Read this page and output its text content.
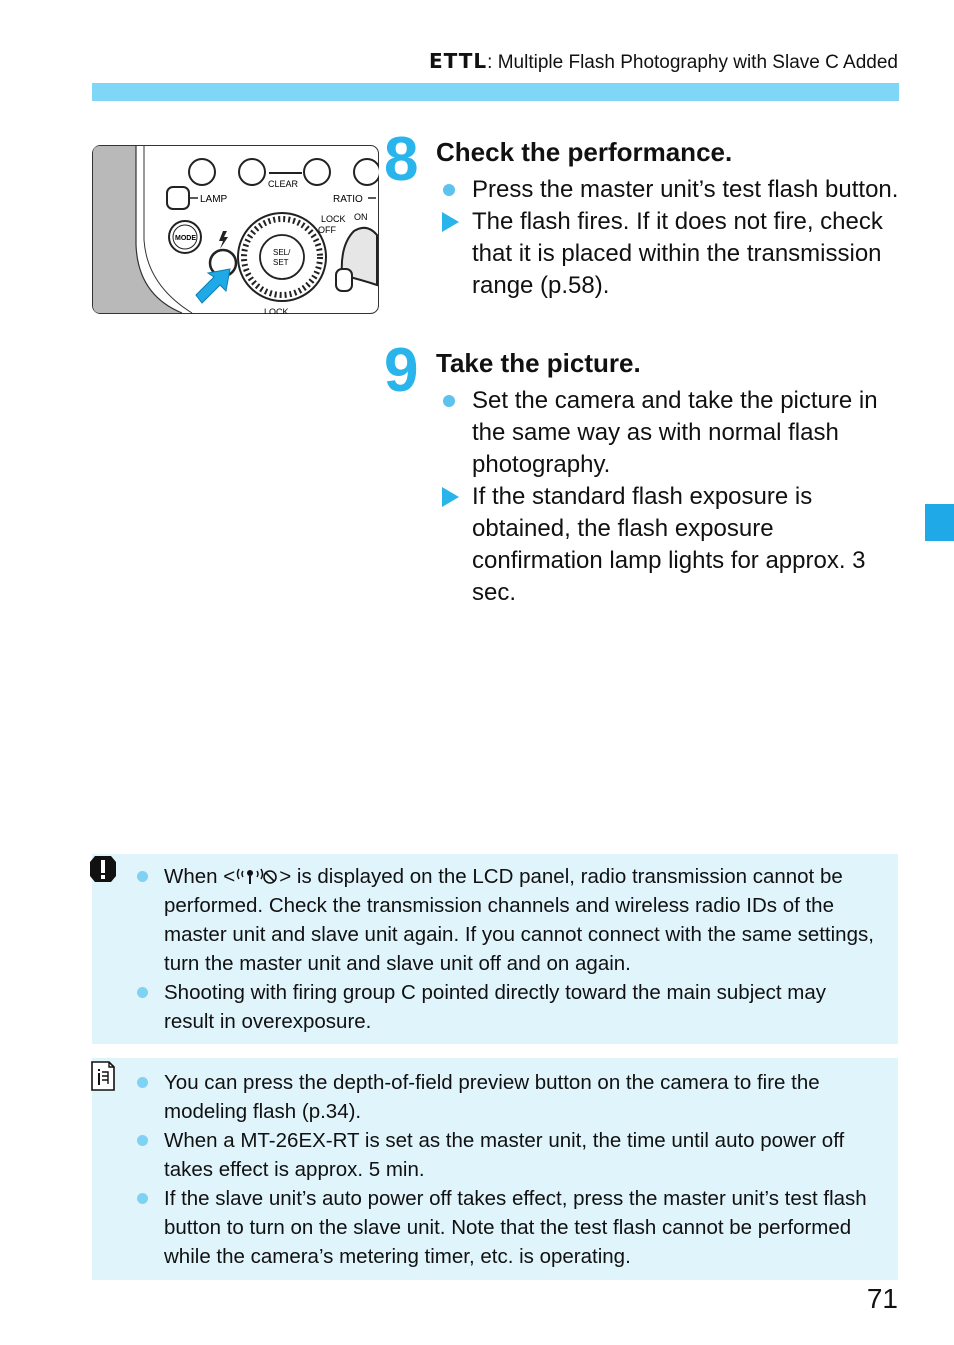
ETTL: Multiple Flash Photography with Slave C Added
CLEAR
LAMP	RATIO
MODE
SEL/
SET
LOCK ON
OFF
LOCK
8 Check the performance.
Press the master unit’s test flash button.
The flash fires. If it does not fire, check that it is placed within the transmission range (p.58).
9 Take the picture.
Set the camera and take the picture in the same way as with normal flash photography.
If the standard flash exposure is obtained, the flash exposure confirmation lamp lights for approx. 3 sec.
When < > is displayed on the LCD panel, radio transmission cannot be performed. Check the transmission channels and wireless radio IDs of the master unit and slave unit again. If you cannot connect with the same settings, turn the master unit and slave unit off and on again.
Shooting with firing group C pointed directly toward the main subject may result in overexposure.
You can press the depth-of-field preview button on the camera to fire the modeling flash (p.34).
When a MT-26EX-RT is set as the master unit, the time until auto power off takes effect is approx. 5 min.
If the slave unit’s auto power off takes effect, press the master unit’s test flash button to turn on the slave unit. Note that the test flash cannot be performed while the camera’s metering timer, etc. is operating.
71
